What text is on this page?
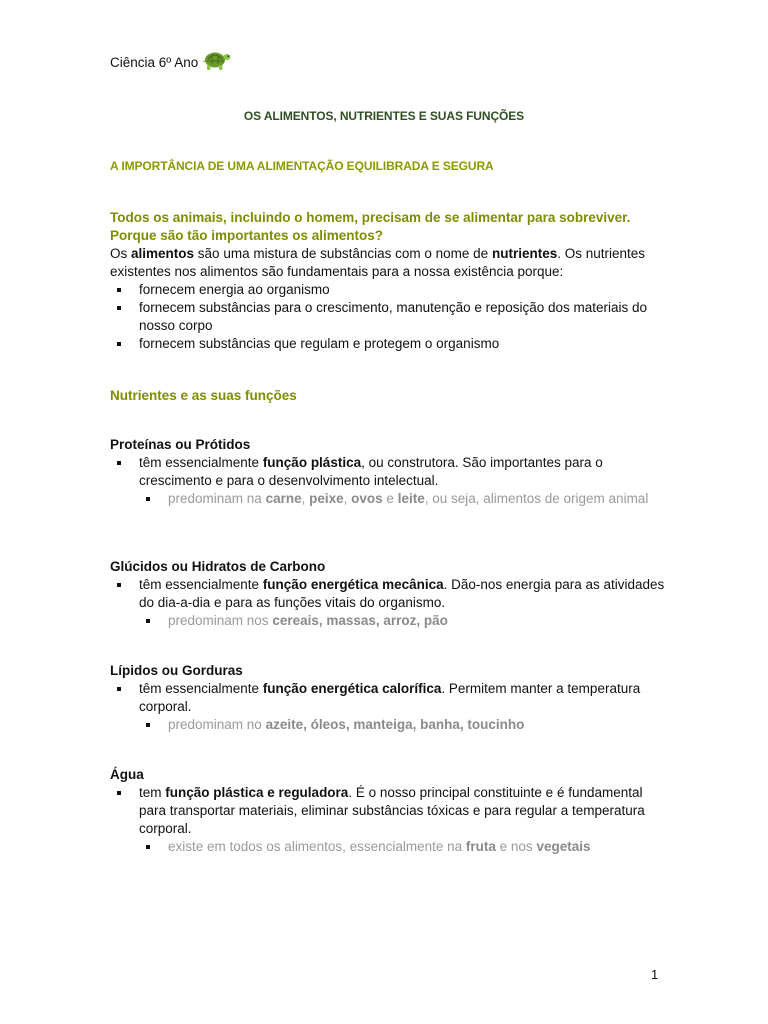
Ciência 6º Ano
OS ALIMENTOS, NUTRIENTES E SUAS FUNÇÕES
A IMPORTÂNCIA DE UMA ALIMENTAÇÃO EQUILIBRADA E SEGURA
Todos os animais, incluindo o homem, precisam de se alimentar para sobreviver.
Porque são tão importantes os alimentos?
Os alimentos são uma mistura de substâncias com o nome de nutrientes. Os nutrientes existentes nos alimentos são fundamentais para a nossa existência porque:
fornecem energia ao organismo
fornecem substâncias para o crescimento, manutenção e reposição dos materiais do nosso corpo
fornecem substâncias que regulam e protegem o organismo
Nutrientes e as suas funções
Proteínas ou Prótidos
têm essencialmente função plástica, ou construtora. São importantes para o crescimento e para o desenvolvimento intelectual.
predominam na carne, peixe, ovos e leite, ou seja, alimentos de origem animal
Glúcidos ou Hidratos de Carbono
têm essencialmente função energética mecânica. Dão-nos energia para as atividades do dia-a-dia e para as funções vitais do organismo.
predominam nos cereais, massas, arroz, pão
Lípidos ou Gorduras
têm essencialmente função energética calorífica. Permitem manter a temperatura corporal.
predominam no azeite, óleos, manteiga, banha, toucinho
Água
tem função plástica e reguladora. É o nosso principal constituinte e é fundamental para transportar materiais, eliminar substâncias tóxicas e para regular a temperatura corporal.
existe em todos os alimentos, essencialmente na fruta e nos vegetais
1
